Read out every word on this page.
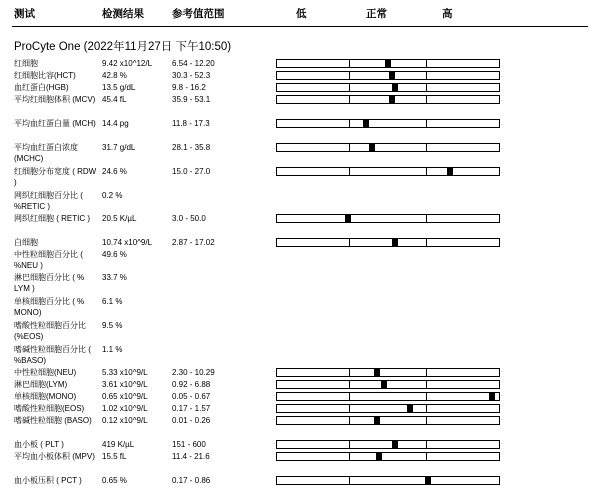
测试	检测结果	参考值范围	低	正常	高
ProCyte One (2022年11月27日 下午10:50)
红细胞	9.42 x10^12/L 6.54 - 12.20
红细胞比容(HCT)	42.8 %	30.3 - 52.3
血红蛋白(HGB)	13.5 g/dL	9.8 - 16.2
平均红细胞体积 (MCV) 45.4 fL	35.9 - 53.1
平均血红蛋白量 (MCH) 14.4 pg	11.8 - 17.3
平均血红蛋白浓度 (MCHC)
31.7 g/dL	28.1 - 35.8
红细胞分布宽度 ( RDW )
24.6 %	15.0 - 27.0
网织红细胞百分比 ( %RETIC )
0.2 %
网织红细胞 ( RETIC )	20.5 K/µL	3.0 - 50.0
白细胞	10.74 x10^9/L 2.87 - 17.02
中性粒细胞百分比 ( %NEU )
49.6 %
淋巴细胞百分比 ( % LYM )
33.7 %
单核细胞百分比 ( % MONO)
6.1 %
嗜酸性粒细胞百分比 (%EOS)
9.5 %
嗜碱性粒细胞百分比 ( %BASO)
1.1 %
中性粒细胞(NEU)	5.33 x10^9/L	2.30 - 10.29
淋巴细胞(LYM)	3.61 x10^9/L	0.92 - 6.88
单核细胞(MONO)	0.65 x10^9/L	0.05 - 0.67
嗜酸性粒细胞(EOS)	1.02 x10^9/L	0.17 - 1.57
嗜碱性粒细胞 (BASO)	0.12 x10^9/L	0.01 - 0.26
血小板 ( PLT )	419 K/µL	151 - 600
平均血小板体积 (MPV) 15.5 fL	11.4 - 21.6
血小板压积 ( PCT )	0.65 %	0.17 - 0.86
